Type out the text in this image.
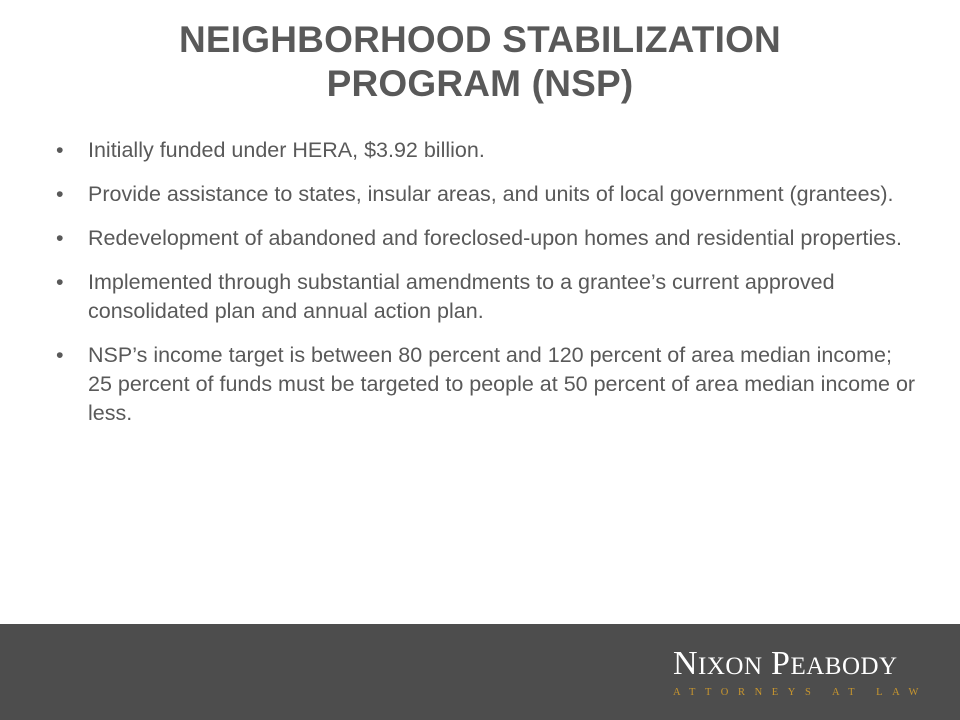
NEIGHBORHOOD STABILIZATION
PROGRAM (NSP)
•	Initially funded under HERA, $3.92 billion.
•	Provide assistance to states, insular areas, and units of local government (grantees).
•	Redevelopment of abandoned and foreclosed-upon homes and residential properties.
•	Implemented through substantial amendments to a grantee’s current approved consolidated plan and annual action plan.
•	NSP’s income target is between 80 percent and 120 percent of area median income; 25 percent of funds must be targeted to people at 50 percent of area median income or less.
NIXON PEABODY
ATTORNEYS AT LAW
